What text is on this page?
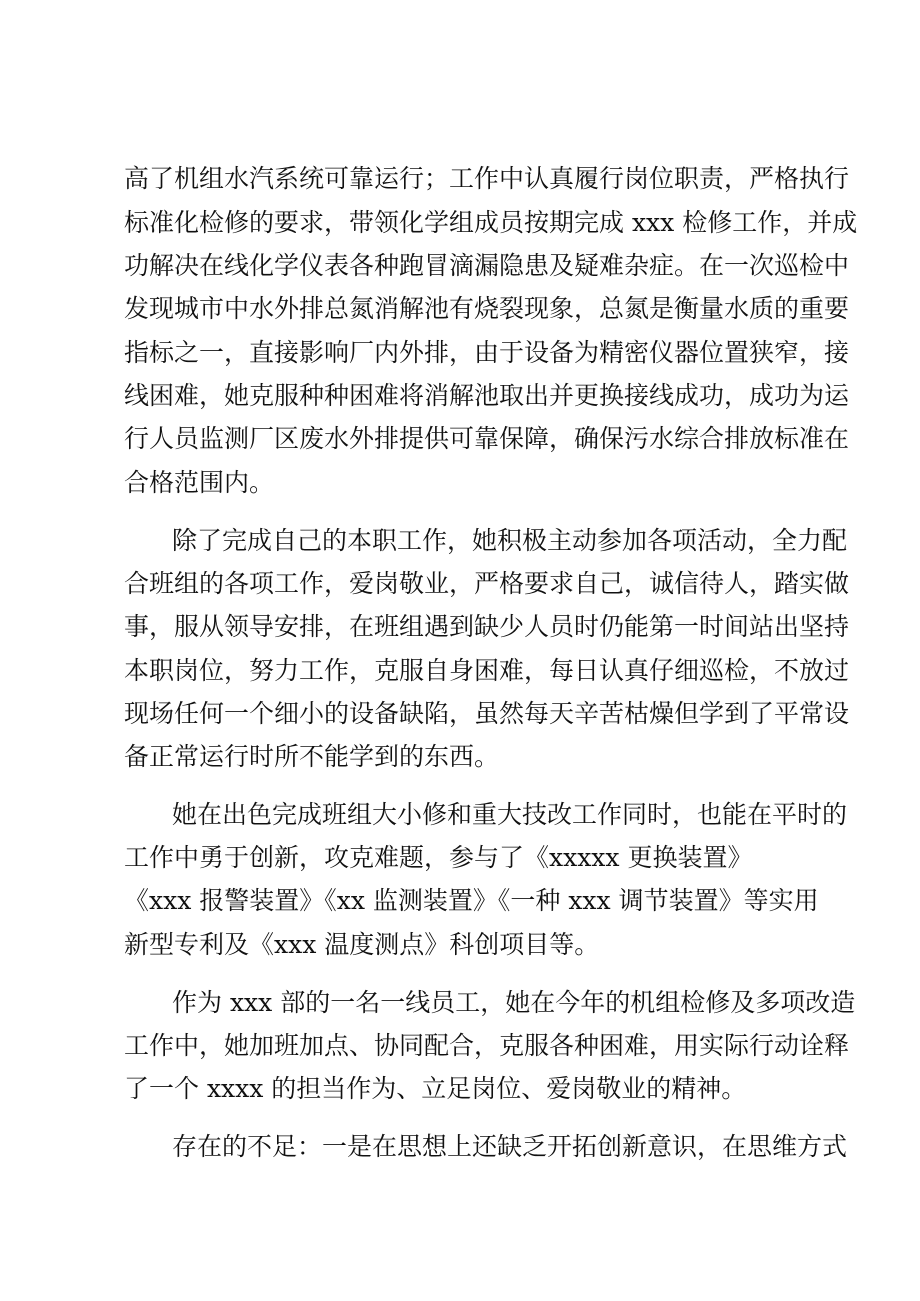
高了机组水汽系统可靠运行；工作中认真履行岗位职责，严格执行
标准化检修的要求，带领化学组成员按期完成 xxx 检修工作，并成
功解决在线化学仪表各种跑冒滴漏隐患及疑难杂症。在一次巡检中
发现城市中水外排总氮消解池有烧裂现象，总氮是衡量水质的重要
指标之一，直接影响厂内外排，由于设备为精密仪器位置狭窄，接
线困难，她克服种种困难将消解池取出并更换接线成功，成功为运
行人员监测厂区废水外排提供可靠保障，确保污水综合排放标准在
合格范围内。
除了完成自己的本职工作，她积极主动参加各项活动，全力配
合班组的各项工作，爱岗敬业，严格要求自己，诚信待人，踏实做
事，服从领导安排，在班组遇到缺少人员时仍能第一时间站出坚持
本职岗位，努力工作，克服自身困难，每日认真仔细巡检，不放过
现场任何一个细小的设备缺陷，虽然每天辛苦枯燥但学到了平常设
备正常运行时所不能学到的东西。
她在出色完成班组大小修和重大技改工作同时，也能在平时的
工作中勇于创新，攻克难题，参与了《xxxxx 更换装置》
《xxx 报警装置》《xx 监测装置》《一种 xxx 调节装置》等实用
新型专利及《xxx 温度测点》科创项目等。
作为 xxx 部的一名一线员工，她在今年的机组检修及多项改造
工作中，她加班加点、协同配合，克服各种困难，用实际行动诠释
了一个 xxxx 的担当作为、立足岗位、爱岗敬业的精神。
存在的不足：一是在思想上还缺乏开拓创新意识，在思维方式
